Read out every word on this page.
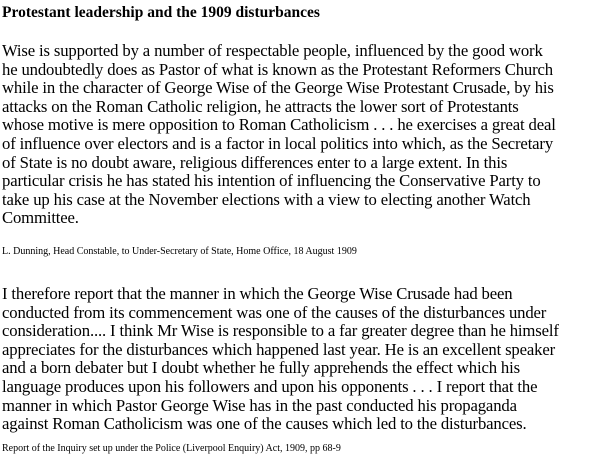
Protestant leadership and the 1909 disturbances
Wise is supported by a number of respectable people, influenced by the good work
he undoubtedly does as Pastor of what is known as the Protestant Reformers Church
while in the character of George Wise of the George Wise Protestant Crusade, by his
attacks on the Roman Catholic religion, he attracts the lower sort of Protestants
whose motive is mere opposition to Roman Catholicism . . . he exercises a great deal
of influence over electors and is a factor in local politics into which, as the Secretary
of State is no doubt aware, religious differences enter to a large extent. In this
particular crisis he has stated his intention of influencing the Conservative Party to
take up his case at the November elections with a view to electing another Watch
Committee.
L. Dunning, Head Constable, to Under-Secretary of State, Home Office, 18 August 1909
I therefore report that the manner in which the George Wise Crusade had been
conducted from its commencement was one of the causes of the disturbances under
consideration.... I think Mr Wise is responsible to a far greater degree than he himself
appreciates for the disturbances which happened last year. He is an excellent speaker
and a born debater but I doubt whether he fully apprehends the effect which his
language produces upon his followers and upon his opponents . . . I report that the
manner in which Pastor George Wise has in the past conducted his propaganda
against Roman Catholicism was one of the causes which led to the disturbances.
Report of the Inquiry set up under the Police (Liverpool Enquiry) Act, 1909, pp 68-9
